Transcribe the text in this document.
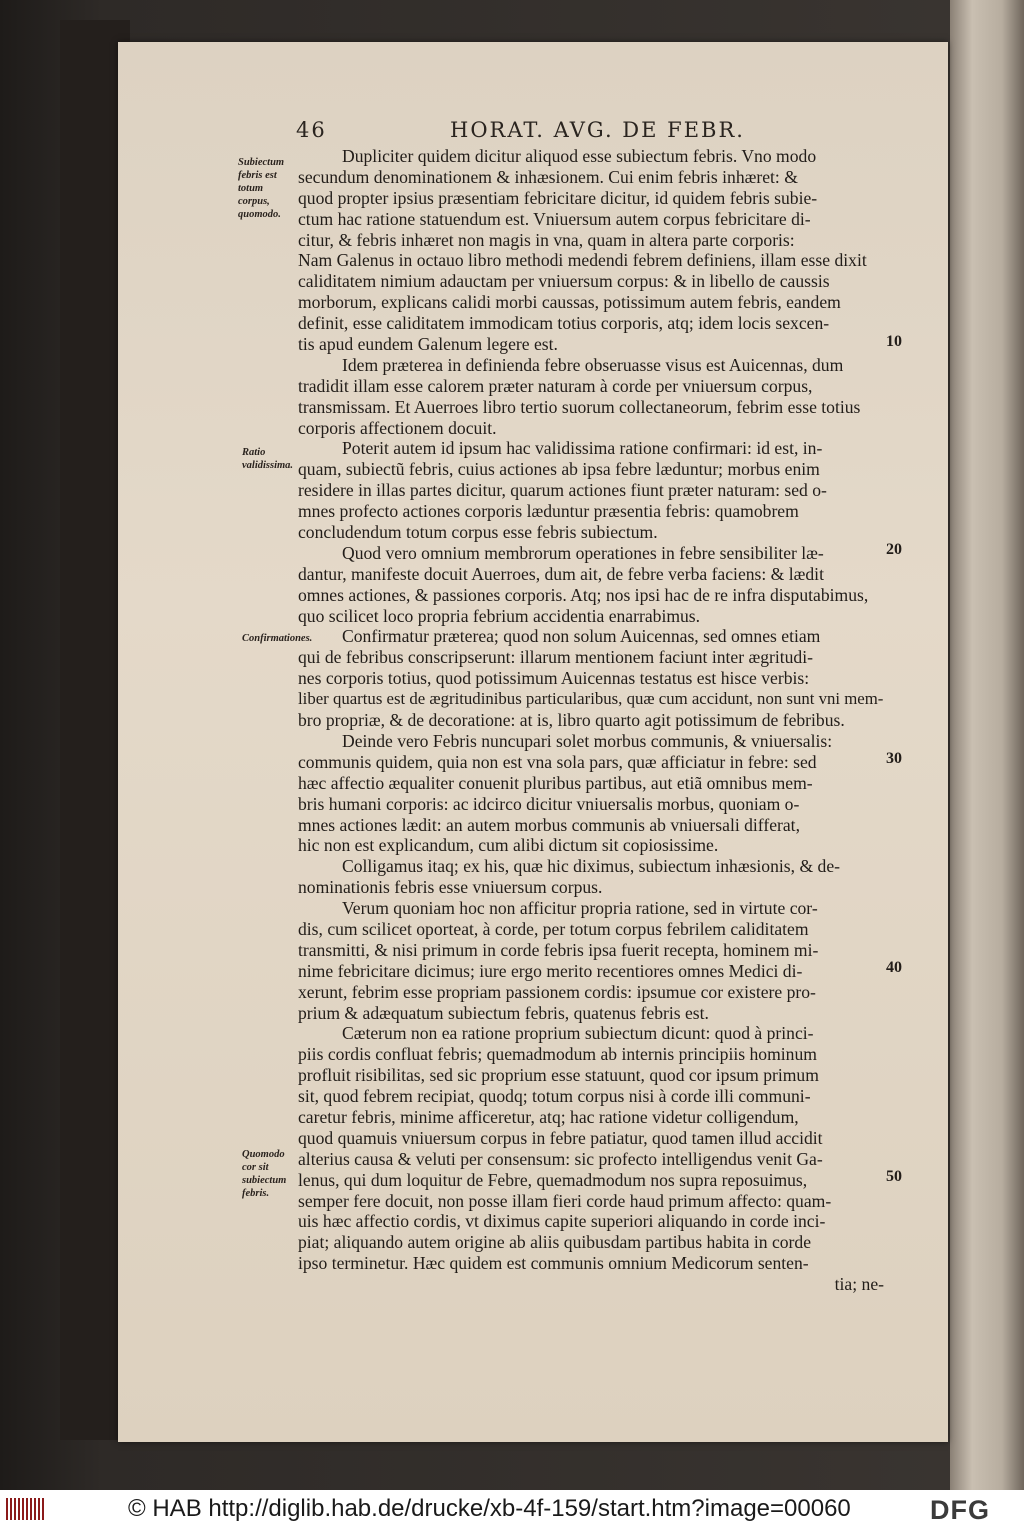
46	HORAT. AVG. DE FEBR.
Subiectum febris est totum corpus, quomodo.
Ratio validissima.
Confirmationes.
Quomodo cor sit subiectum febris.
10
20
30
40
50
Dupliciter quidem dicitur aliquod esse subiectum febris. Vno modo
secundum denominationem & inhæsionem. Cui enim febris inhæret: &
quod propter ipsius præsentiam febricitare dicitur, id quidem febris subie-
ctum hac ratione statuendum est. Vniuersum autem corpus febricitare di-
citur, & febris inhæret non magis in vna, quam in altera parte corporis:
Nam Galenus in octauo libro methodi medendi febrem definiens, illam esse dixit
caliditatem nimium adauctam per vniuersum corpus: & in libello de caussis
morborum, explicans calidi morbi caussas, potissimum autem febris, eandem
definit, esse caliditatem immodicam totius corporis, atq; idem locis sexcen-
tis apud eundem Galenum legere est.
Idem præterea in definienda febre obseruasse visus est Auicennas, dum
tradidit illam esse calorem præter naturam à corde per vniuersum corpus,
transmissam. Et Auerroes libro tertio suorum collectaneorum, febrim esse totius
corporis affectionem docuit.
Poterit autem id ipsum hac validissima ratione confirmari: id est, in-
quam, subiectũ febris, cuius actiones ab ipsa febre læduntur; morbus enim
residere in illas partes dicitur, quarum actiones fiunt præter naturam: sed o-
mnes profecto actiones corporis læduntur præsentia febris: quamobrem
concludendum totum corpus esse febris subiectum.
Quod vero omnium membrorum operationes in febre sensibiliter læ-
dantur, manifeste docuit Auerroes, dum ait, de febre verba faciens: & lædit
omnes actiones, & passiones corporis. Atq; nos ipsi hac de re infra disputabimus,
quo scilicet loco propria febrium accidentia enarrabimus.
Confirmatur præterea; quod non solum Auicennas, sed omnes etiam
qui de febribus conscripserunt: illarum mentionem faciunt inter ægritudi-
nes corporis totius, quod potissimum Auicennas testatus est hisce verbis:
liber quartus est de ægritudinibus particularibus, quæ cum accidunt, non sunt vni mem-
bro propriæ, & de decoratione: at is, libro quarto agit potissimum de febribus.
Deinde vero Febris nuncupari solet morbus communis, & vniuersalis:
communis quidem, quia non est vna sola pars, quæ afficiatur in febre: sed
hæc affectio æqualiter conuenit pluribus partibus, aut etiã omnibus mem-
bris humani corporis: ac idcirco dicitur vniuersalis morbus, quoniam o-
mnes actiones lædit: an autem morbus communis ab vniuersali differat,
hic non est explicandum, cum alibi dictum sit copiosissime.
Colligamus itaq; ex his, quæ hic diximus, subiectum inhæsionis, & de-
nominationis febris esse vniuersum corpus.
Verum quoniam hoc non afficitur propria ratione, sed in virtute cor-
dis, cum scilicet oporteat, à corde, per totum corpus febrilem caliditatem
transmitti, & nisi primum in corde febris ipsa fuerit recepta, hominem mi-
nime febricitare dicimus; iure ergo merito recentiores omnes Medici di-
xerunt, febrim esse propriam passionem cordis: ipsumue cor existere pro-
prium & adæquatum subiectum febris, quatenus febris est.
Cæterum non ea ratione proprium subiectum dicunt: quod à princi-
piis cordis confluat febris; quemadmodum ab internis principiis hominum
profluit risibilitas, sed sic proprium esse statuunt, quod cor ipsum primum
sit, quod febrem recipiat, quodq; totum corpus nisi à corde illi communi-
caretur febris, minime afficeretur, atq; hac ratione videtur colligendum,
quod quamuis vniuersum corpus in febre patiatur, quod tamen illud accidit
alterius causa & veluti per consensum: sic profecto intelligendus venit Ga-
lenus, qui dum loquitur de Febre, quemadmodum nos supra reposuimus,
semper fere docuit, non posse illam fieri corde haud primum affecto: quam-
uis hæc affectio cordis, vt diximus capite superiori aliquando in corde inci-
piat; aliquando autem origine ab aliis quibusdam partibus habita in corde
ipso terminetur. Hæc quidem est communis omnium Medicorum senten-
tia; ne-
© HAB http://diglib.hab.de/drucke/xb-4f-159/start.htm?image=00060	DFG
